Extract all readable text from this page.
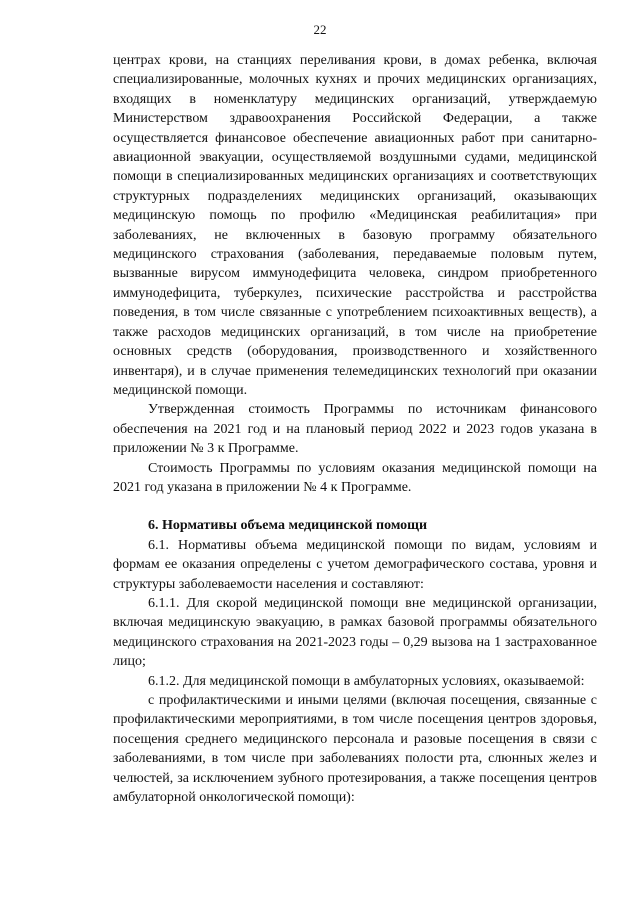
22

центрах крови, на станциях переливания крови, в домах ребенка, включая специализированные, молочных кухнях и прочих медицинских организациях, входящих в номенклатуру медицинских организаций, утверждаемую Министерством здравоохранения Российской Федерации, а также осуществляется финансовое обеспечение авиационных работ при санитарно-авиационной эвакуации, осуществляемой воздушными судами, медицинской помощи в специализированных медицинских организациях и соответствующих структурных подразделениях медицинских организаций, оказывающих медицинскую помощь по профилю «Медицинская реабилитация» при заболеваниях, не включенных в базовую программу обязательного медицинского страхования (заболевания, передаваемые половым путем, вызванные вирусом иммунодефицита человека, синдром приобретенного иммунодефицита, туберкулез, психические расстройства и расстройства поведения, в том числе связанные с употреблением психоактивных веществ), а также расходов медицинских организаций, в том числе на приобретение основных средств (оборудования, производственного и хозяйственного инвентаря), и в случае применения телемедицинских технологий при оказании медицинской помощи.

Утвержденная стоимость Программы по источникам финансового обеспечения на 2021 год и на плановый период 2022 и 2023 годов указана в приложении № 3 к Программе.

Стоимость Программы по условиям оказания медицинской помощи на 2021 год указана в приложении № 4 к Программе.

6. Нормативы объема медицинской помощи

6.1. Нормативы объема медицинской помощи по видам, условиям и формам ее оказания определены с учетом демографического состава, уровня и структуры заболеваемости населения и составляют:

6.1.1. Для скорой медицинской помощи вне медицинской организации, включая медицинскую эвакуацию, в рамках базовой программы обязательного медицинского страхования на 2021-2023 годы – 0,29 вызова на 1 застрахованное лицо;

6.1.2. Для медицинской помощи в амбулаторных условиях, оказываемой:

с профилактическими и иными целями (включая посещения, связанные с профилактическими мероприятиями, в том числе посещения центров здоровья, посещения среднего медицинского персонала и разовые посещения в связи с заболеваниями, в том числе при заболеваниях полости рта, слюнных желез и челюстей, за исключением зубного протезирования, а также посещения центров амбулаторной онкологической помощи):
